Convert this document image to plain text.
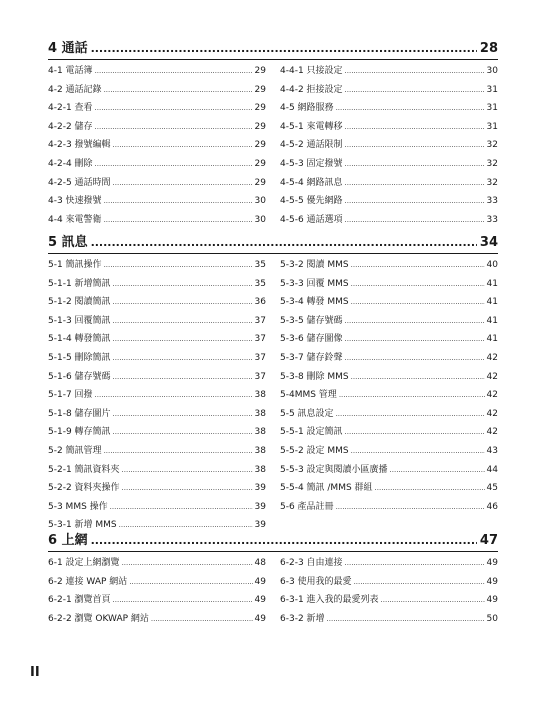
4 通話 .....	28
4-1 電話簿 .....	29
4-2 通話記錄 .....	29
4-2-1 查看 .....	29
4-2-2 儲存 .....	29
4-2-3 撥號編輯 .....	29
4-2-4 刪除 .....	29
4-2-5 通話時間 .....	29
4-3 快速撥號 .....	30
4-4 來電警衛 .....	30
4-4-1 只接設定 .....	30
4-4-2 拒接設定 .....	31
4-5 網路服務 .....	31
4-5-1 來電轉移 .....	31
4-5-2 通話限制 .....	32
4-5-3 固定撥號 .....	32
4-5-4 網路訊息 .....	32
4-5-5 優先網路 .....	33
4-5-6 通話選項 .....	33
5 訊息 .....	34
5-1 簡訊操作 .....	35
5-1-1 新增簡訊 .....	35
5-1-2 閱讀簡訊 .....	36
5-1-3 回覆簡訊 .....	37
5-1-4 轉發簡訊 .....	37
5-1-5 刪除簡訊 .....	37
5-1-6 儲存號碼 .....	37
5-1-7 回撥 .....	38
5-1-8 儲存圖片 .....	38
5-1-9 轉存簡訊 .....	38
5-2 簡訊管理 .....	38
5-2-1 簡訊資料夾 .....	38
5-2-2 資料夾操作 .....	39
5-3 MMS 操作 .....	39
5-3-1 新增 MMS .....	39
5-3-2 閱讀 MMS .....	40
5-3-3 回覆 MMS .....	41
5-3-4 轉發 MMS .....	41
5-3-5 儲存號碼 .....	41
5-3-6 儲存圖像 .....	41
5-3-7 儲存鈴聲 .....	42
5-3-8 刪除 MMS .....	42
5-4MMS 管理 .....	42
5-5 訊息設定 .....	42
5-5-1 設定簡訊 .....	42
5-5-2 設定 MMS .....	43
5-5-3 設定與閱讀小區廣播 .....	44
5-5-4 簡訊 /MMS 群組 .....	45
5-6 產品註冊 .....	46
6 上網 .....	47
6-1 設定上網瀏覽 .....	48
6-2 連接 WAP 網站 .....	49
6-2-1 瀏覽首頁 .....	49
6-2-2 瀏覽 OKWAP 網站 .....	49
6-2-3 自由連接 .....	49
6-3 使用我的最愛 .....	49
6-3-1 進入我的最愛列表 .....	49
6-3-2 新增 .....	50
II
